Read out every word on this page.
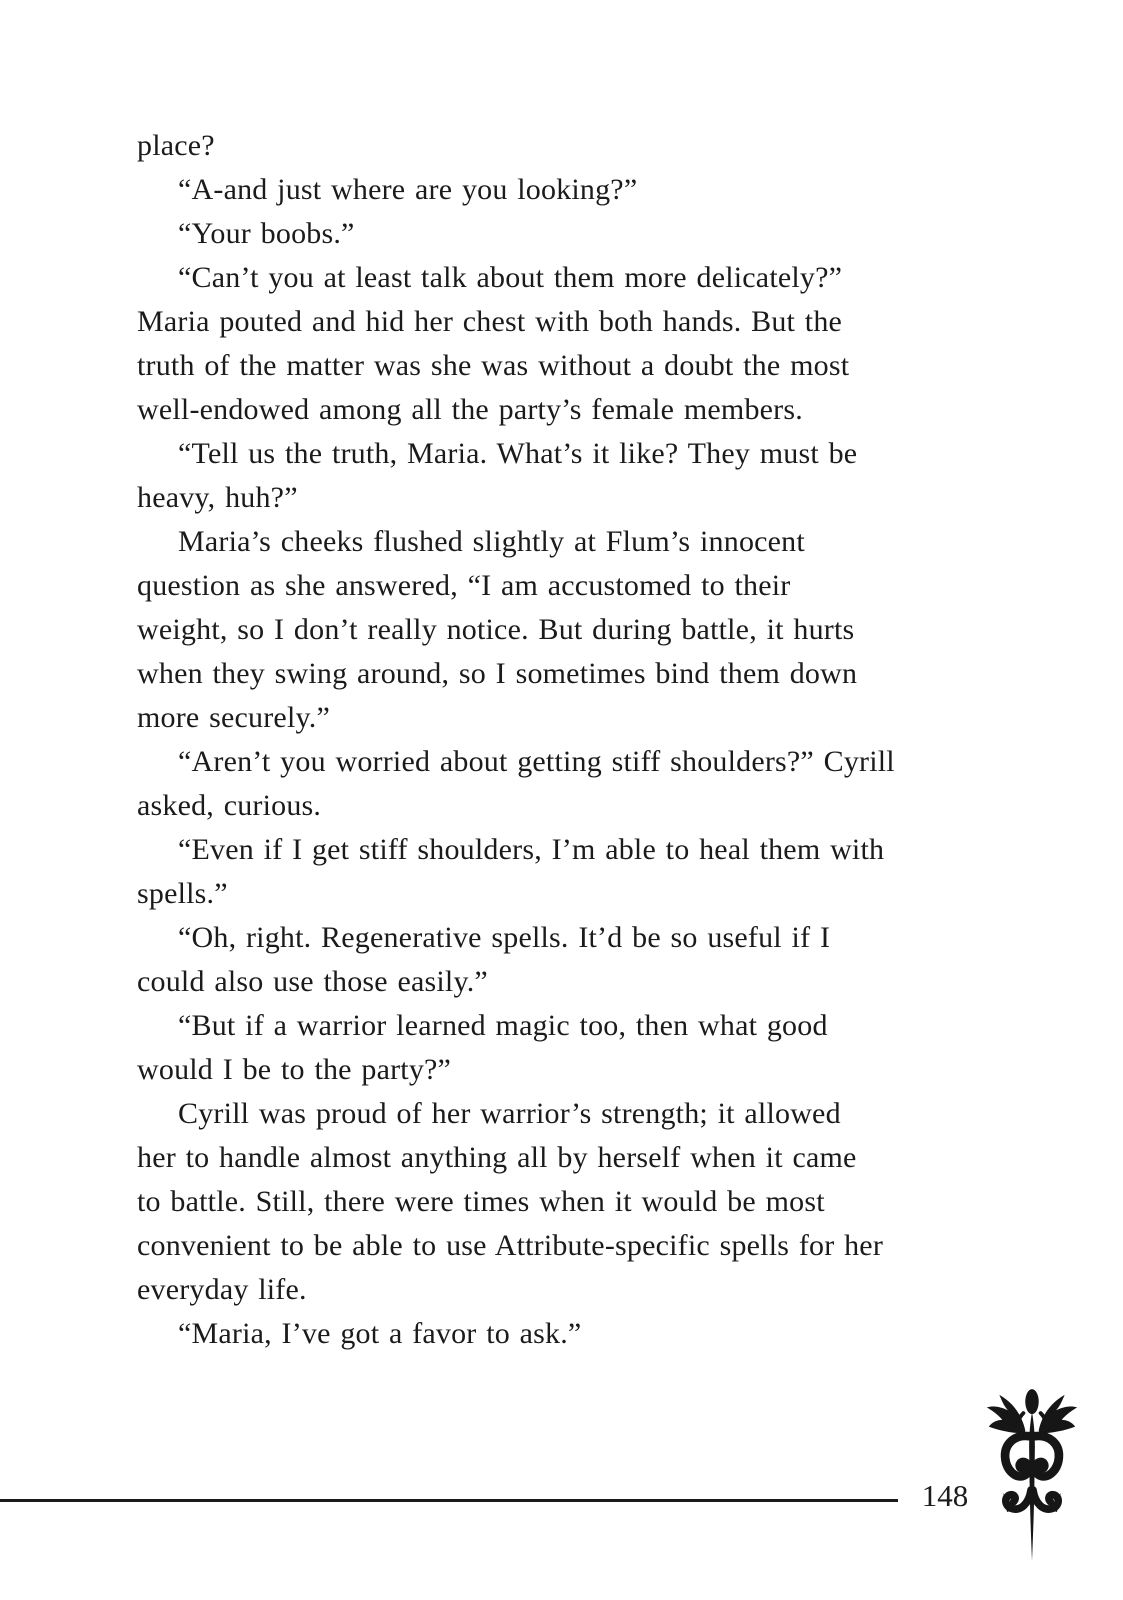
place?

“A-and just where are you looking?”

“Your boobs.”

“Can’t you at least talk about them more delicately?”
Maria pouted and hid her chest with both hands. But the
truth of the matter was she was without a doubt the most
well-endowed among all the party’s female members.

“Tell us the truth, Maria. What’s it like? They must be
heavy, huh?”

Maria’s cheeks flushed slightly at Flum’s innocent
question as she answered, “I am accustomed to their
weight, so I don’t really notice. But during battle, it hurts
when they swing around, so I sometimes bind them down
more securely.”

“Aren’t you worried about getting stiff shoulders?” Cyrill
asked, curious.

“Even if I get stiff shoulders, I’m able to heal them with
spells.”

“Oh, right. Regenerative spells. It’d be so useful if I
could also use those easily.”

“But if a warrior learned magic too, then what good
would I be to the party?”

Cyrill was proud of her warrior’s strength; it allowed
her to handle almost anything all by herself when it came
to battle. Still, there were times when it would be most
convenient to be able to use Attribute-specific spells for her
everyday life.

“Maria, I’ve got a favor to ask.”

148
